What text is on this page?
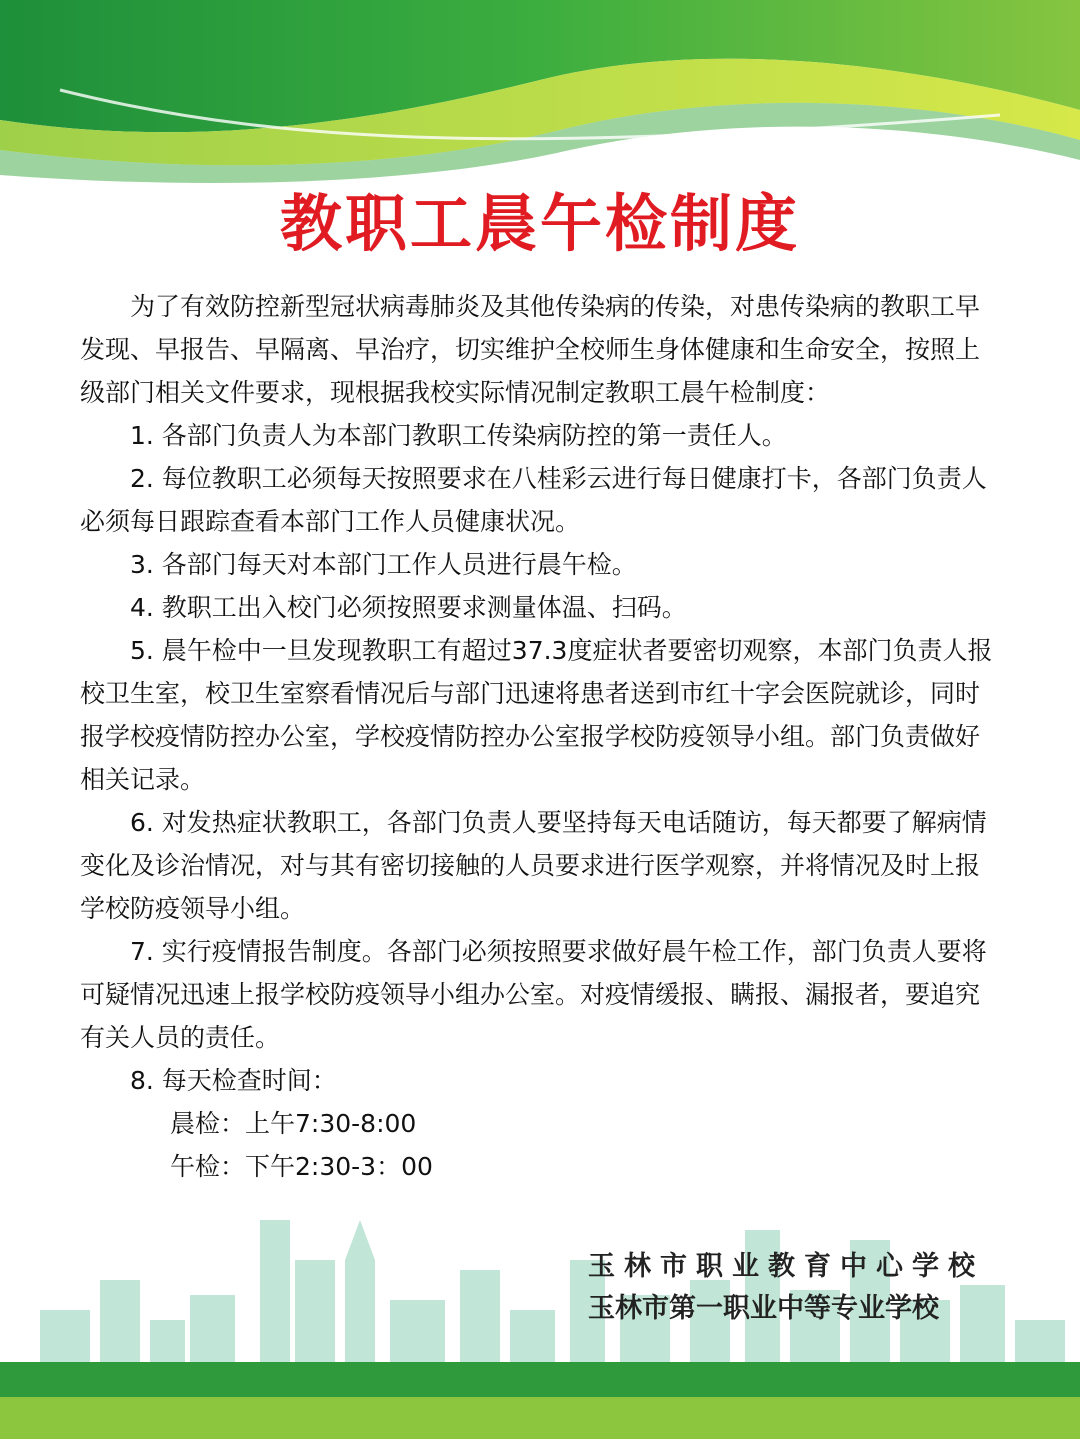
教职工晨午检制度

为了有效防控新型冠状病毒肺炎及其他传染病的传染，对患传染病的教职工早发现、早报告、早隔离、早治疗，切实维护全校师生身体健康和生命安全，按照上级部门相关文件要求，现根据我校实际情况制定教职工晨午检制度：

1. 各部门负责人为本部门教职工传染病防控的第一责任人。

2. 每位教职工必须每天按照要求在八桂彩云进行每日健康打卡，各部门负责人必须每日跟踪查看本部门工作人员健康状况。

3. 各部门每天对本部门工作人员进行晨午检。

4. 教职工出入校门必须按照要求测量体温、扫码。

5. 晨午检中一旦发现教职工有超过37.3度症状者要密切观察，本部门负责人报校卫生室，校卫生室察看情况后与部门迅速将患者送到市红十字会医院就诊，同时报学校疫情防控办公室，学校疫情防控办公室报学校防疫领导小组。部门负责做好相关记录。

6. 对发热症状教职工，各部门负责人要坚持每天电话随访，每天都要了解病情变化及诊治情况，对与其有密切接触的人员要求进行医学观察，并将情况及时上报学校防疫领导小组。

7. 实行疫情报告制度。各部门必须按照要求做好晨午检工作，部门负责人要将可疑情况迅速上报学校防疫领导小组办公室。对疫情缓报、瞒报、漏报者，要追究有关人员的责任。

8. 每天检查时间：

晨检：上午7:30-8:00

午检：下午2:30-3：00

玉林市职业教育中心学校
玉林市第一职业中等专业学校
